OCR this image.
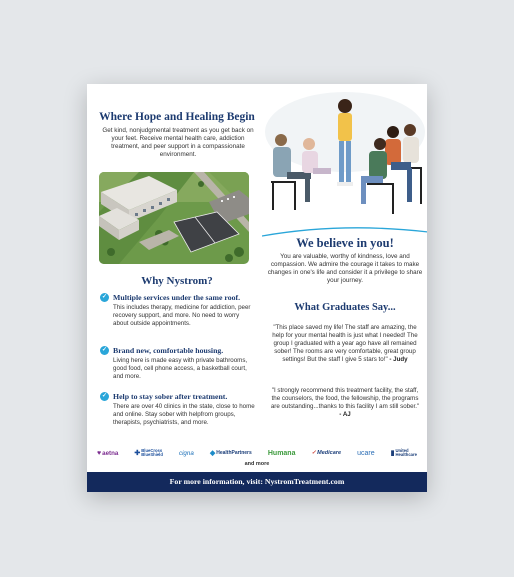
Where Hope and Healing Begin
Get kind, nonjudgmental treatment as you get back on your feet. Receive mental health care, addiction treatment, and peer support in a compassionate environment.
Why Nystrom?
✓ Multiple services under the same roof.
This includes therapy, medicine for addiction, peer recovery support, and more. No need to worry about outside appointments.
✓ Brand new, comfortable housing.
Living here is made easy with private bathrooms, good food, cell phone access, a basketball court, and more.
✓ Help to stay sober after treatment.
There are over 40 clinics in the state, close to home and online. Stay sober with helpfrom groups, therapists, psychiatrists, and more.
We believe in you!
You are valuable, worthy of kindness, love and compassion. We admire the courage it takes to make changes in one's life and consider it a privilege to share your journey.
What Graduates Say...
"This place saved my life! The staff are amazing, the help for your mental health is just what I needed! The group I graduated with a year ago have all remained sober! The rooms are very comfortable, great group settings! But the staff I give 5 stars to!" - Judy
"I strongly recommend this treatment facility, the staff, the counselors, the food, the fellowship, the programs are outstanding...thanks to this facility I am still sober." - AJ
♥ aetna ✚ BlueCross
BlueShield	cigna ◆ HealthPartners Humana	✓ Medicare ucare ▮ United
Healthcare
and more
For more information, visit: NystromTreatment.com
